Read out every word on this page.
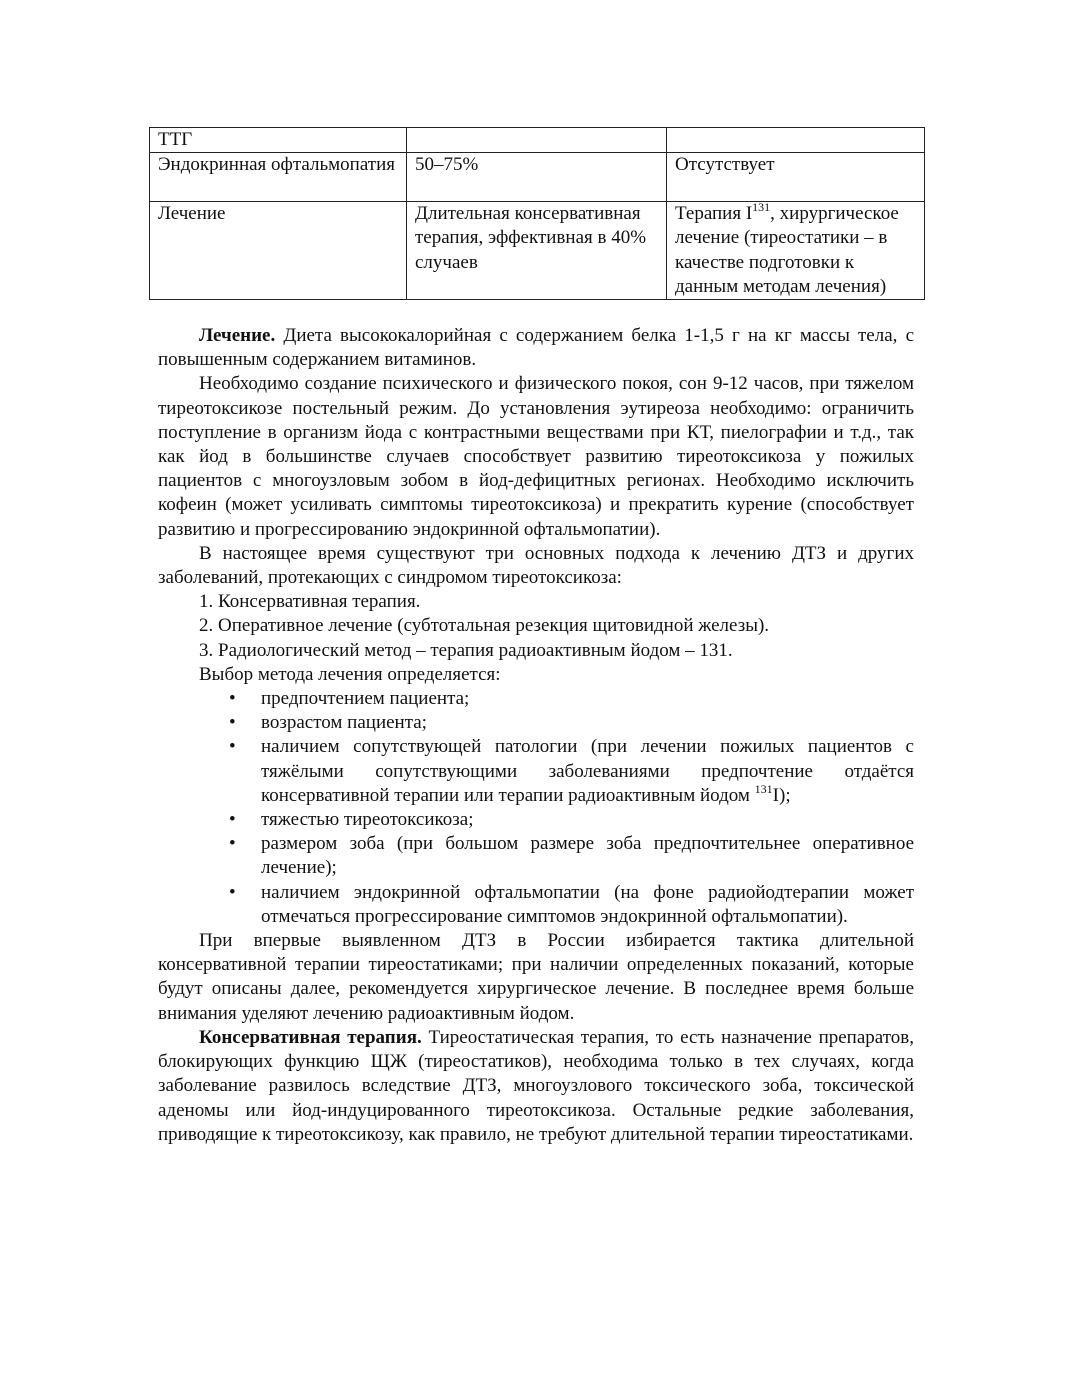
ТТГ		
Эндокринная офтальмопатия	50–75%	Отсутствует
Лечение	Длительная консервативная терапия, эффективная в 40% случаев	Терапия $I^{131}$, хирургическое лечение (тиреостатики – в качестве подготовки к данным методам лечения)

Лечение. Диета высококалорийная с содержанием белка 1-1,5 г на кг массы тела, с повышенным содержанием витаминов.

Необходимо создание психического и физического покоя, сон 9-12 часов, при тяжелом тиреотоксикозе постельный режим. До установления эутиреоза необходимо: ограничить поступление в организм йода с контрастными веществами при КТ, пиелографии и т.д., так как йод в большинстве случаев способствует развитию тиреотоксикоза у пожилых пациентов с многоузловым зобом в йод-дефицитных регионах. Необходимо исключить кофеин (может усиливать симптомы тиреотоксикоза) и прекратить курение (способствует развитию и прогрессированию эндокринной офтальмопатии).

В настоящее время существуют три основных подхода к лечению ДТЗ и других заболеваний, протекающих с синдромом тиреотоксикоза:

1. Консервативная терапия.

2. Оперативное лечение (субтотальная резекция щитовидной железы).

3. Радиологический метод – терапия радиоактивным йодом – 131.

Выбор метода лечения определяется:

• предпочтением пациента;
• возрастом пациента;
• наличием сопутствующей патологии (при лечении пожилых пациентов с тяжёлыми сопутствующими заболеваниями предпочтение отдаётся консервативной терапии или терапии радиоактивным йодом $^{131}$I);
• тяжестью тиреотоксикоза;
• размером зоба (при большом размере зоба предпочтительнее оперативное лечение);
• наличием эндокринной офтальмопатии (на фоне радиойодтерапии может отмечаться прогрессирование симптомов эндокринной офтальмопатии).

При впервые выявленном ДТЗ в России избирается тактика длительной консервативной терапии тиреостатиками; при наличии определенных показаний, которые будут описаны далее, рекомендуется хирургическое лечение. В последнее время больше внимания уделяют лечению радиоактивным йодом.

Консервативная терапия. Тиреостатическая терапия, то есть назначение препаратов, блокирующих функцию ЩЖ (тиреостатиков), необходима только в тех случаях, когда заболевание развилось вследствие ДТЗ, многоузлового токсического зоба, токсической аденомы или йод-индуцированного тиреотоксикоза. Остальные редкие заболевания, приводящие к тиреотоксикозу, как правило, не требуют длительной терапии тиреостатиками.
